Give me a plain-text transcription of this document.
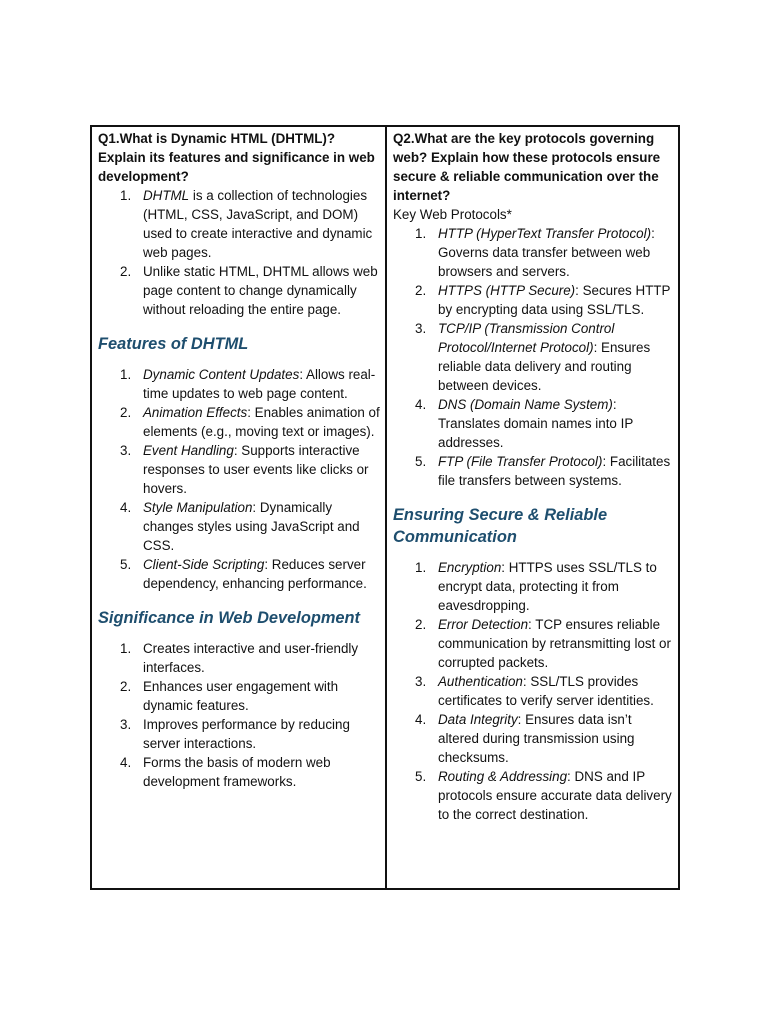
Q1.What is Dynamic HTML (DHTML)? Explain its features and significance in web development?

1. DHTML is a collection of technologies (HTML, CSS, JavaScript, and DOM) used to create interactive and dynamic web pages.
2. Unlike static HTML, DHTML allows web page content to change dynamically without reloading the entire page.
Features of DHTML
1. Dynamic Content Updates: Allows real-time updates to web page content.
2. Animation Effects: Enables animation of elements (e.g., moving text or images).
3. Event Handling: Supports interactive responses to user events like clicks or hovers.
4. Style Manipulation: Dynamically changes styles using JavaScript and CSS.
5. Client-Side Scripting: Reduces server dependency, enhancing performance.
Significance in Web Development
1. Creates interactive and user-friendly interfaces.
2. Enhances user engagement with dynamic features.
3. Improves performance by reducing server interactions.
4. Forms the basis of modern web development frameworks.

Q2.What are the key protocols governing web? Explain how these protocols ensure secure & reliable communication over the internet?

Key Web Protocols*

1. HTTP (HyperText Transfer Protocol): Governs data transfer between web browsers and servers.
2. HTTPS (HTTP Secure): Secures HTTP by encrypting data using SSL/TLS.
3. TCP/IP (Transmission Control Protocol/Internet Protocol): Ensures reliable data delivery and routing between devices.
4. DNS (Domain Name System): Translates domain names into IP addresses.
5. FTP (File Transfer Protocol): Facilitates file transfers between systems.
Ensuring Secure & Reliable Communication
1. Encryption: HTTPS uses SSL/TLS to encrypt data, protecting it from eavesdropping.
2. Error Detection: TCP ensures reliable communication by retransmitting lost or corrupted packets.
3. Authentication: SSL/TLS provides certificates to verify server identities.
4. Data Integrity: Ensures data isn’t altered during transmission using checksums.
5. Routing & Addressing: DNS and IP protocols ensure accurate data delivery to the correct destination.
